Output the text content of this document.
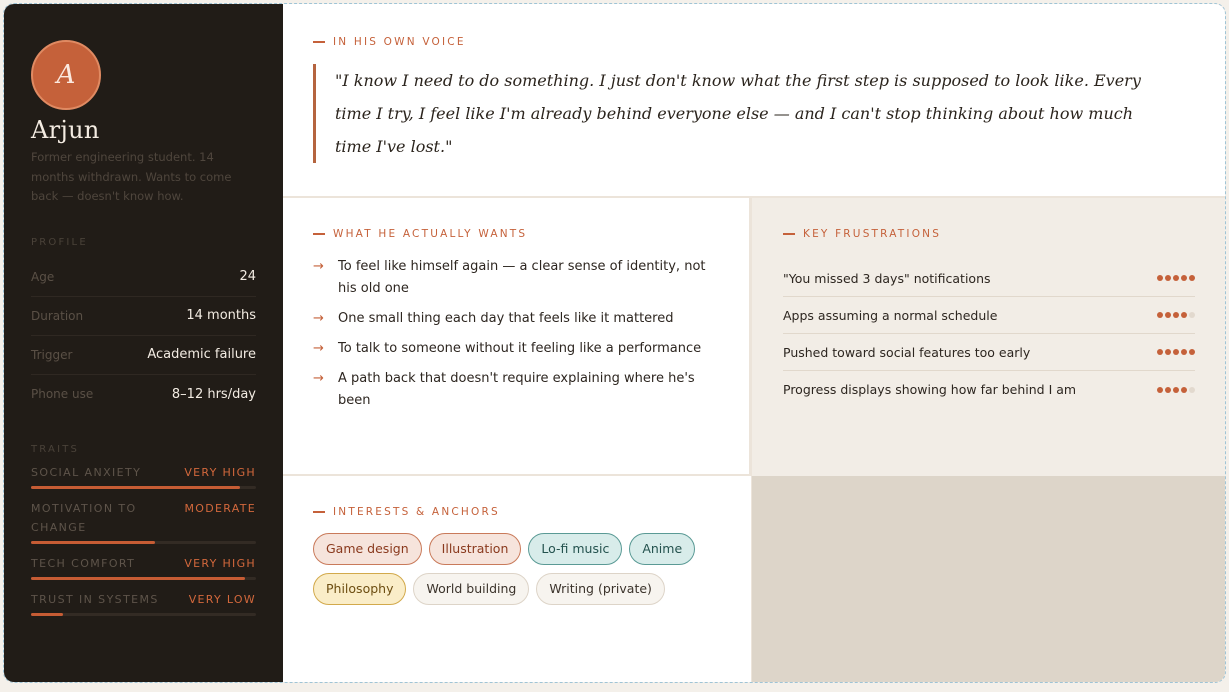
A
Arjun
Former engineering student. 14 months withdrawn. Wants to come back — doesn't know how.
PROFILE
Age	24
Duration	14 months
Trigger	Academic failure
Phone use	8–12 hrs/day
TRAITS
SOCIAL ANXIETY	VERY HIGH
MOTIVATION TO CHANGE
MODERATE
TECH COMFORT	VERY HIGH
TRUST IN SYSTEMS	VERY LOW
IN HIS OWN VOICE
"I know I need to do something. I just don't know what the first step is supposed to look like. Every time I try, I feel like I'm already behind everyone else — and I can't stop thinking about how much time I've lost."
WHAT HE ACTUALLY WANTS
→	To feel like himself again — a clear sense of identity, not his old one
→	One small thing each day that feels like it mattered
→	To talk to someone without it feeling like a performance
→	A path back that doesn't require explaining where he's been
KEY FRUSTRATIONS
"You missed 3 days" notifications
Apps assuming a normal schedule
Pushed toward social features too early
Progress displays showing how far behind I am
INTERESTS & ANCHORS
Game design	Illustration	Lo-fi music	Anime
Philosophy	World building	Writing (private)
